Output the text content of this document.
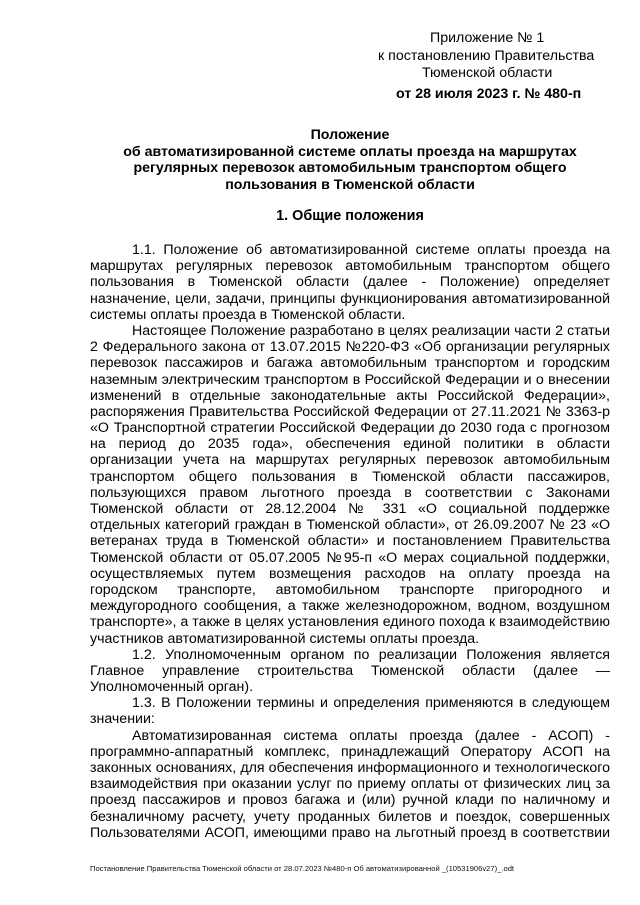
Приложение № 1
к постановлению Правительства
Тюменской области
от 28 июля 2023 г. № 480-п
Положение
об автоматизированной системе оплаты проезда на маршрутах
регулярных перевозок автомобильным транспортом общего
пользования в Тюменской области
1. Общие положения
1.1. Положение об автоматизированной системе оплаты проезда на
маршрутах регулярных перевозок автомобильным транспортом общего
пользования в Тюменской области (далее - Положение) определяет
назначение, цели, задачи, принципы функционирования автоматизированной
системы оплаты проезда в Тюменской области.
Настоящее Положение разработано в целях реализации части 2 статьи
2 Федерального закона от 13.07.2015 №220-ФЗ «Об организации регулярных
перевозок пассажиров и багажа автомобильным транспортом и городским
наземным электрическим транспортом в Российской Федерации и о внесении
изменений в отдельные законодательные акты Российской Федерации»,
распоряжения Правительства Российской Федерации от 27.11.2021 № 3363-р
«О Транспортной стратегии Российской Федерации до 2030 года с прогнозом
на период до 2035 года», обеспечения единой политики в области
организации учета на маршрутах регулярных перевозок автомобильным
транспортом общего пользования в Тюменской области пассажиров,
пользующихся правом льготного проезда в соответствии с Законами
Тюменской области от 28.12.2004 № 331 «О социальной поддержке
отдельных категорий граждан в Тюменской области», от 26.09.2007 № 23 «О
ветеранах труда в Тюменской области» и постановлением Правительства
Тюменской области от 05.07.2005 №95-п «О мерах социальной поддержки,
осуществляемых путем возмещения расходов на оплату проезда на
городском транспорте, автомобильном транспорте пригородного и
междугородного сообщения, а также железнодорожном, водном, воздушном
транспорте», а также в целях установления единого похода к взаимодействию
участников автоматизированной системы оплаты проезда.
1.2. Уполномоченным органом по реализации Положения является
Главное управление строительства Тюменской области (далее —
Уполномоченный орган).
1.3. В Положении термины и определения применяются в следующем
значении:
Автоматизированная система оплаты проезда (далее - АСОП) -
программно-аппаратный комплекс, принадлежащий Оператору АСОП на
законных основаниях, для обеспечения информационного и технологического
взаимодействия при оказании услуг по приему оплаты от физических лиц за
проезд пассажиров и провоз багажа и (или) ручной клади по наличному и
безналичному расчету, учету проданных билетов и поездок, совершенных
Пользователями АСОП, имеющими право на льготный проезд в соответствии
Постановление Правительства Тюменской области от 28.07.2023 №480-п Об автоматизированной _(10531906v27)_.odt
